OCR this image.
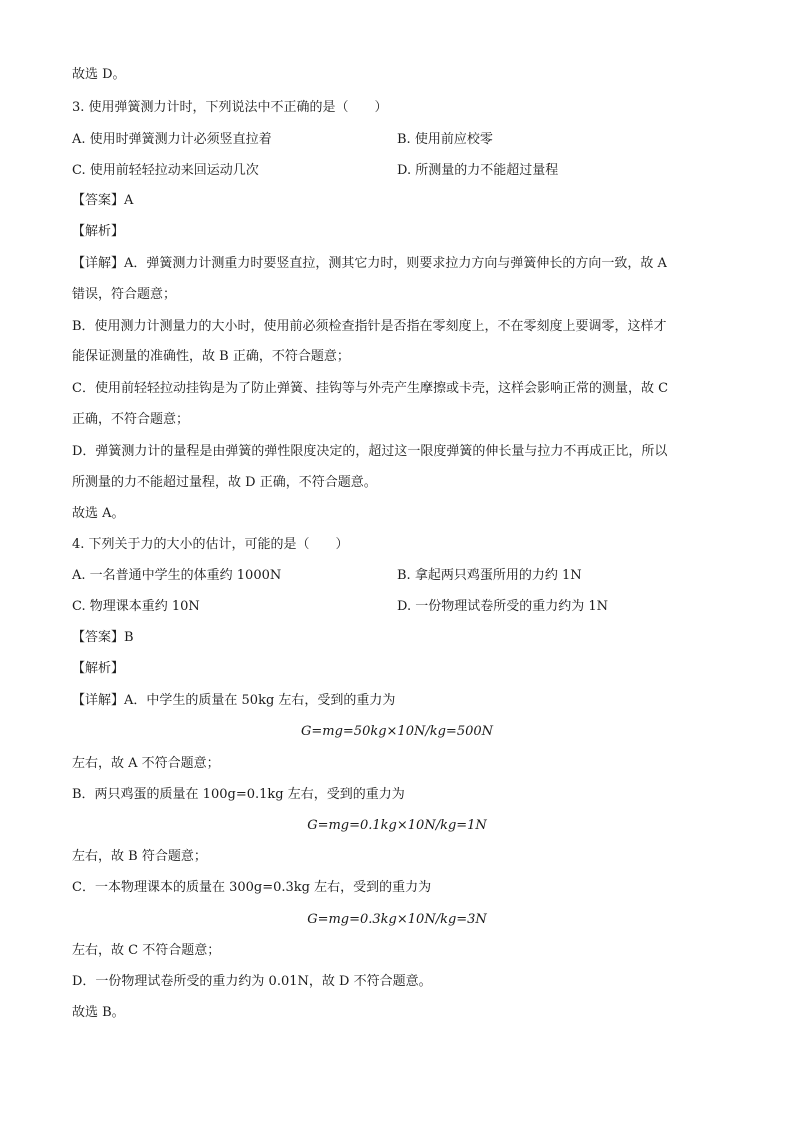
故选 D。
3. 使用弹簧测力计时，下列说法中不正确的是（　　）
A. 使用时弹簧测力计必须竖直拉着	B. 使用前应校零
C. 使用前轻轻拉动来回运动几次	D. 所测量的力不能超过量程
【答案】A
【解析】
【详解】A．弹簧测力计测重力时要竖直拉，测其它力时，则要求拉力方向与弹簧伸长的方向一致，故 A
错误，符合题意；
B．使用测力计测量力的大小时，使用前必须检查指针是否指在零刻度上，不在零刻度上要调零，这样才
能保证测量的准确性，故 B 正确，不符合题意；
C．使用前轻轻拉动挂钩是为了防止弹簧、挂钩等与外壳产生摩擦或卡壳，这样会影响正常的测量，故 C
正确，不符合题意；
D．弹簧测力计的量程是由弹簧的弹性限度决定的，超过这一限度弹簧的伸长量与拉力不再成正比，所以
所测量的力不能超过量程，故 D 正确，不符合题意。
故选 A。
4. 下列关于力的大小的估计，可能的是（　　）
A. 一名普通中学生的体重约 1000N	B. 拿起两只鸡蛋所用的力约 1N
C. 物理课本重约 10N	D. 一份物理试卷所受的重力约为 1N
【答案】B
【解析】
【详解】A．中学生的质量在 50kg 左右，受到的重力为
G=mg=50kg×10N/kg=500N
左右，故 A 不符合题意；
B．两只鸡蛋的质量在 100g=0.1kg 左右，受到的重力为
G=mg=0.1kg×10N/kg=1N
左右，故 B 符合题意；
C．一本物理课本的质量在 300g=0.3kg 左右，受到的重力为
G=mg=0.3kg×10N/kg=3N
左右，故 C 不符合题意；
D．一份物理试卷所受的重力约为 0.01N，故 D 不符合题意。
故选 B。
